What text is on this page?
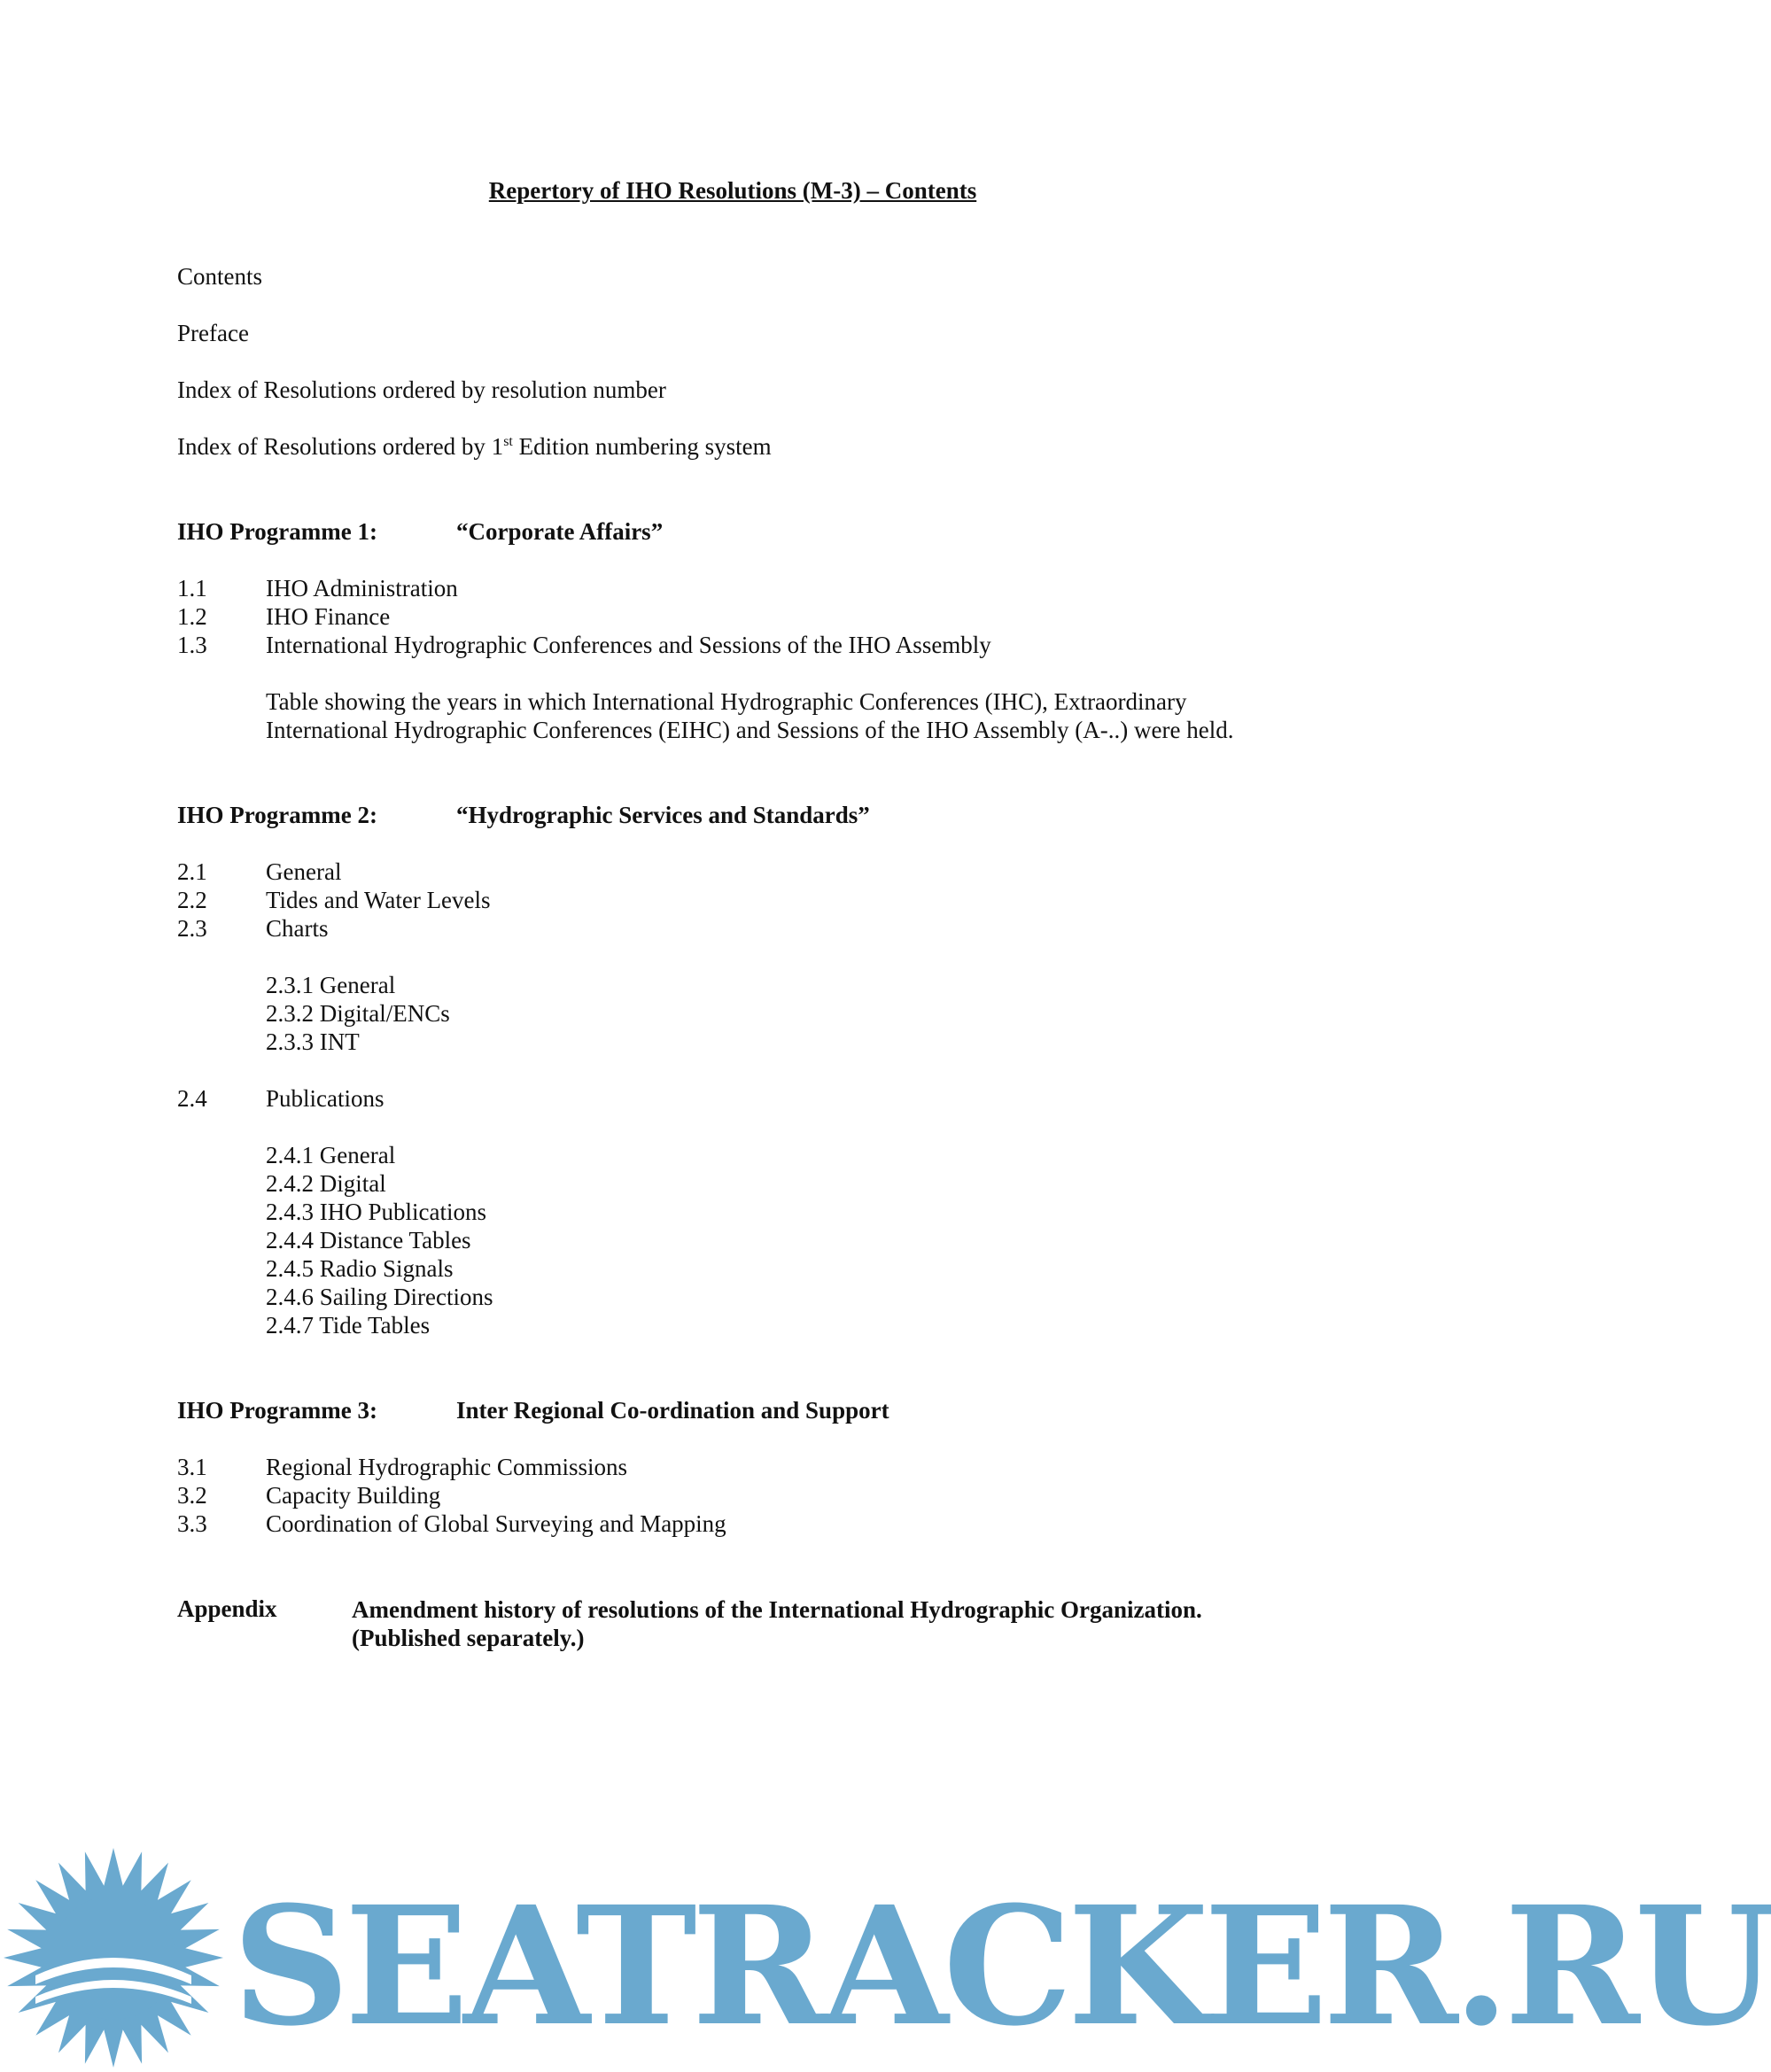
Repertory of IHO Resolutions (M-3) – Contents
Contents
Preface
Index of Resolutions ordered by resolution number
Index of Resolutions ordered by 1st Edition numbering system
IHO Programme 1:	“Corporate Affairs”
1.1 IHO Administration
1.2 IHO Finance
1.3 International Hydrographic Conferences and Sessions of the IHO Assembly
Table showing the years in which International Hydrographic Conferences (IHC), Extraordinary
International Hydrographic Conferences (EIHC) and Sessions of the IHO Assembly (A-..) were held.
IHO Programme 2:	“Hydrographic Services and Standards”
2.1 General
2.2 Tides and Water Levels
2.3 Charts
2.3.1 General
2.3.2 Digital/ENCs
2.3.3 INT
2.4 Publications
2.4.1 General
2.4.2 Digital
2.4.3 IHO Publications
2.4.4 Distance Tables
2.4.5 Radio Signals
2.4.6 Sailing Directions
2.4.7 Tide Tables
IHO Programme 3:	Inter Regional Co-ordination and Support
3.1 Regional Hydrographic Commissions
3.2 Capacity Building
3.3 Coordination of Global Surveying and Mapping
Appendix	Amendment history of resolutions of the International Hydrographic Organization.
(Published separately.)
SEATRACKER.RU
